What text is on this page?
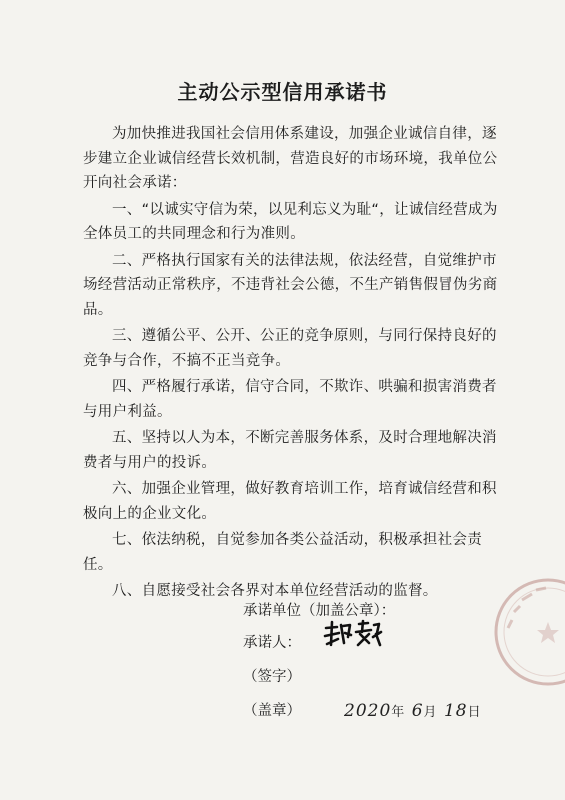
主动公示型信用承诺书

为加快推进我国社会信用体系建设，加强企业诚信自律，逐步建立企业诚信经营长效机制，营造良好的市场环境，我单位公开向社会承诺：

一、“以诚实守信为荣，以见利忘义为耻“，让诚信经营成为全体员工的共同理念和行为准则。

二、严格执行国家有关的法律法规，依法经营，自觉维护市场经营活动正常秩序，不违背社会公德，不生产销售假冒伪劣商品。

三、遵循公平、公开、公正的竞争原则，与同行保持良好的竞争与合作，不搞不正当竞争。

四、严格履行承诺，信守合同，不欺诈、哄骗和损害消费者与用户利益。

五、坚持以人为本，不断完善服务体系，及时合理地解决消费者与用户的投诉。

六、加强企业管理，做好教育培训工作，培育诚信经营和积极向上的企业文化。

七、依法纳税，自觉参加各类公益活动，积极承担社会责任。

八、自愿接受社会各界对本单位经营活动的监督。

承诺单位（加盖公章）：
承诺人：
（签字）
（盖章）	2020年 6月 18日
